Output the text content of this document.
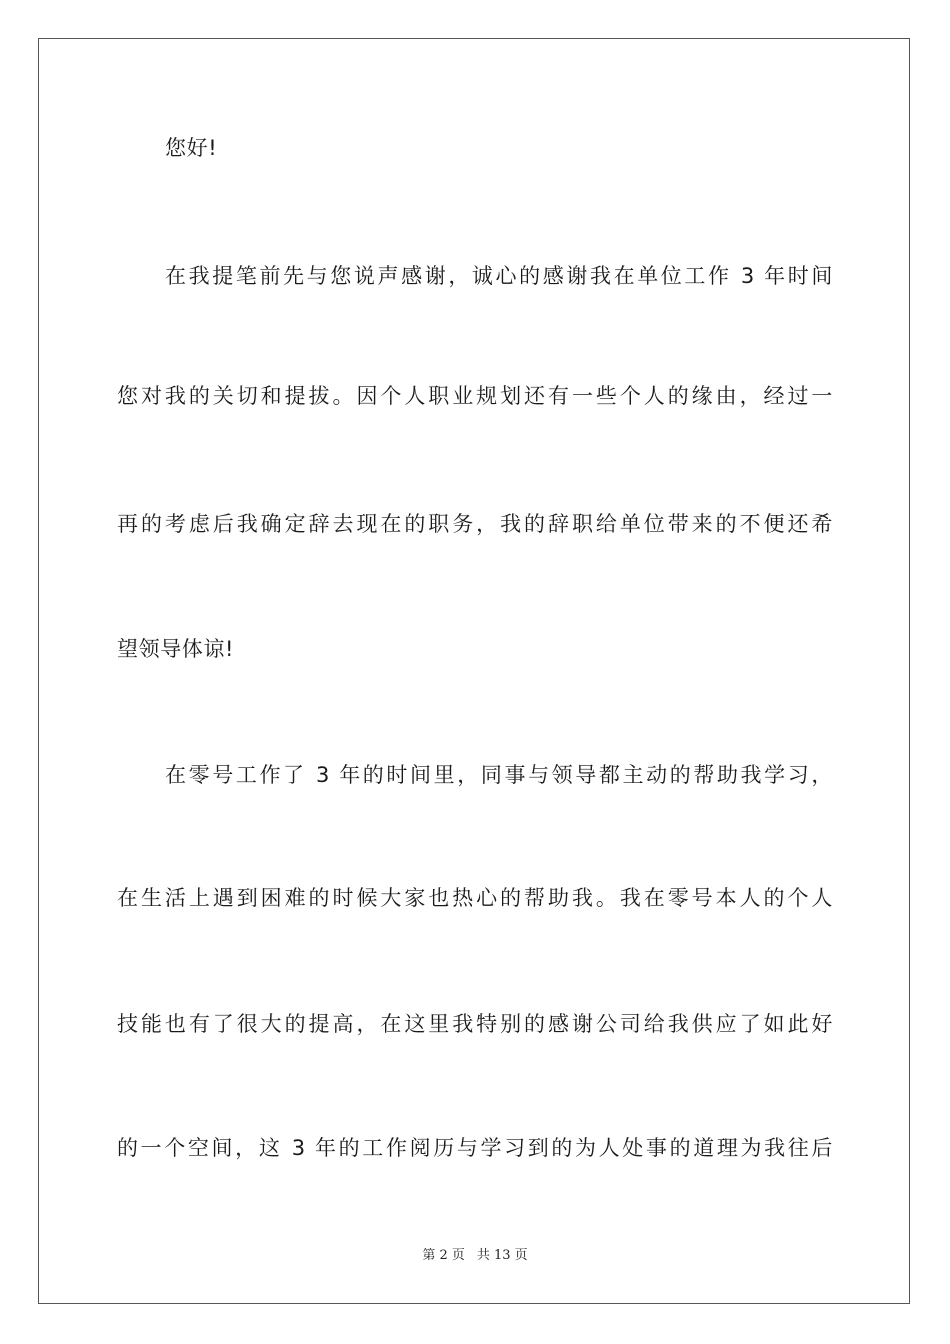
您好!
在我提笔前先与您说声感谢，诚心的感谢我在单位工作 3 年时间
您对我的关切和提拔。因个人职业规划还有一些个人的缘由，经过一
再的考虑后我确定辞去现在的职务，我的辞职给单位带来的不便还希
望领导体谅!
在零号工作了 3 年的时间里，同事与领导都主动的帮助我学习，
在生活上遇到困难的时候大家也热心的帮助我。我在零号本人的个人
技能也有了很大的提高，在这里我特别的感谢公司给我供应了如此好
的一个空间，这 3 年的工作阅历与学习到的为人处事的道理为我往后
第 2 页 共 13 页
